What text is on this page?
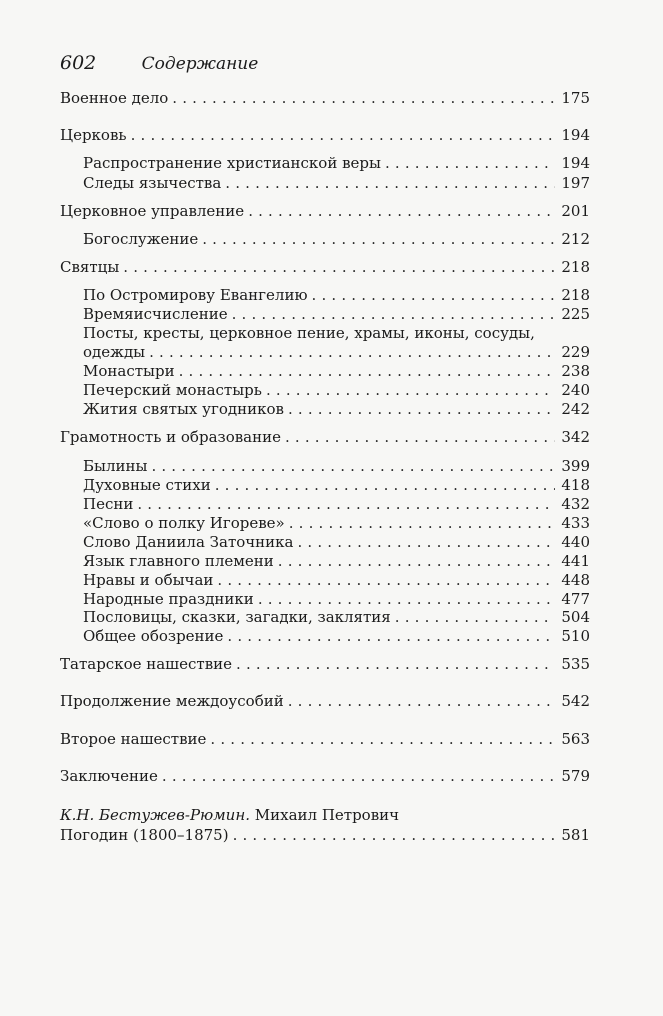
602	Содержание
Военное дело . . .	175
Церковь . . .	194
Распространение христианской веры . . .	194
Следы язычества . . .	197
Церковное управление . . .	201
Богослужение . . .	212
Святцы . . .	218
По Остромирову Евангелию . . .	218
Времяисчисление . . .	225
Посты, кресты, церковное пение, храмы, иконы, сосуды,
одежды . . .	229
Монастыри . . .	238
Печерский монастырь . . .	240
Жития святых угодников . . .	242
Грамотность и образование . . .	342
Былины . . .	399
Духовные стихи . . .	418
Песни . . .	432
«Слово о полку Игореве» . . .	433
Слово Даниила Заточника . . .	440
Язык главного племени . . .	441
Нравы и обычаи . . .	448
Народные праздники . . .	477
Пословицы, сказки, загадки, заклятия . . .	504
Общее обозрение . . .	510
Татарское нашествие . . .	535
Продолжение междоусобий . . .	542
Второе нашествие . . .	563
Заключение . . .	579
К.Н. Бестужев-Рюмин. Михаил Петрович
Погодин (1800–1875) . . .	581
